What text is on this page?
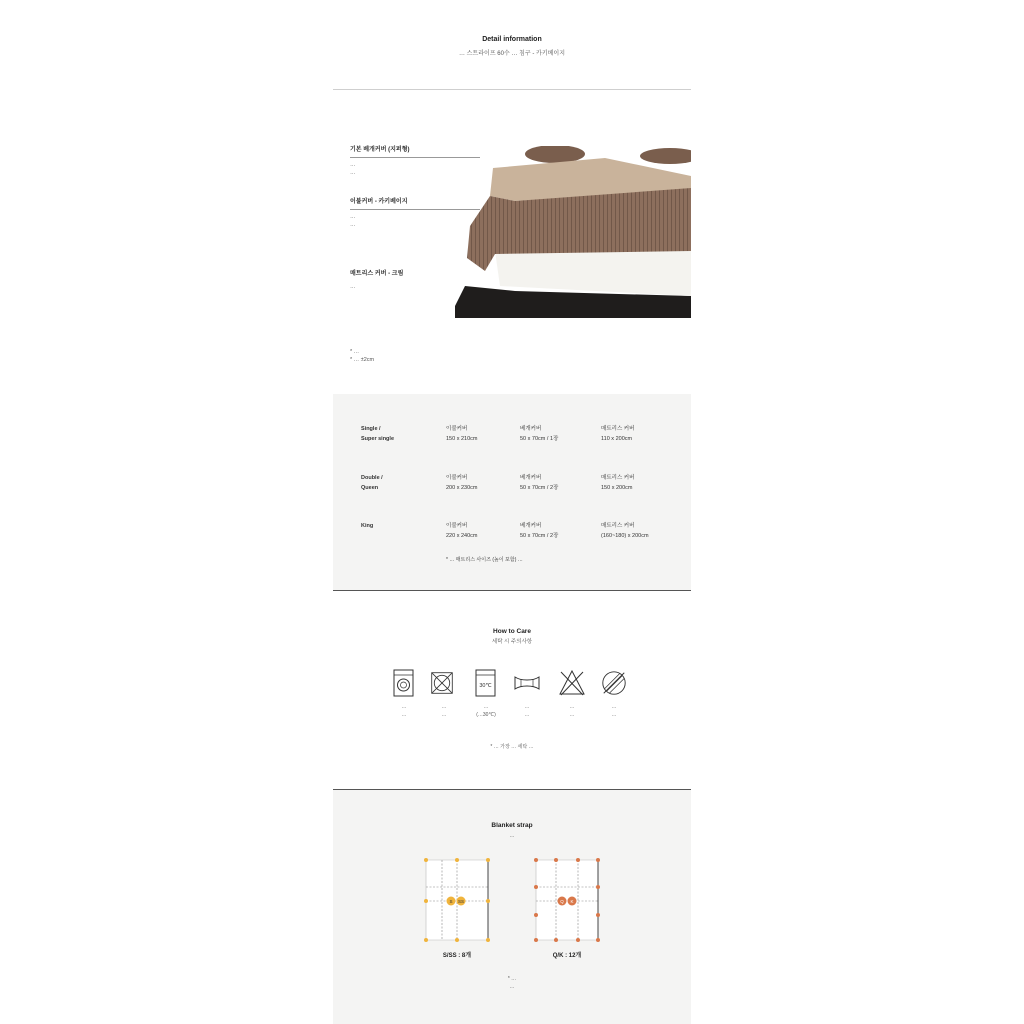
Detail information
… 스트라이프 60수 … 침구 - 카키베이지
기본 베개커버 (지퍼형)
…
…
이불커버 - 카키베이지
…
…
매트리스 커버 - 크림
…
* …
* … ±2cm
Single /
Super single
이불커버
150 x 210cm
베개커버
50 x 70cm / 1장
매트리스 커버
110 x 200cm
Double /
Queen
이불커버
200 x 230cm
베개커버
50 x 70cm / 2장
매트리스 커버
150 x 200cm
King	이불커버
220 x 240cm
베개커버
50 x 70cm / 2장
매트리스 커버
(160~180) x 200cm
* … 매트리스 사이즈 (높이 포함) …
How to Care
세탁 시 주의사항
30℃
…
…
…
…
…
(…30℃)
…
…
…
…
…
…
* … 가장 … 세탁 …
Blanket strap
…
S SS
S/SS : 8개
Q K
Q/K : 12개
* …
…
